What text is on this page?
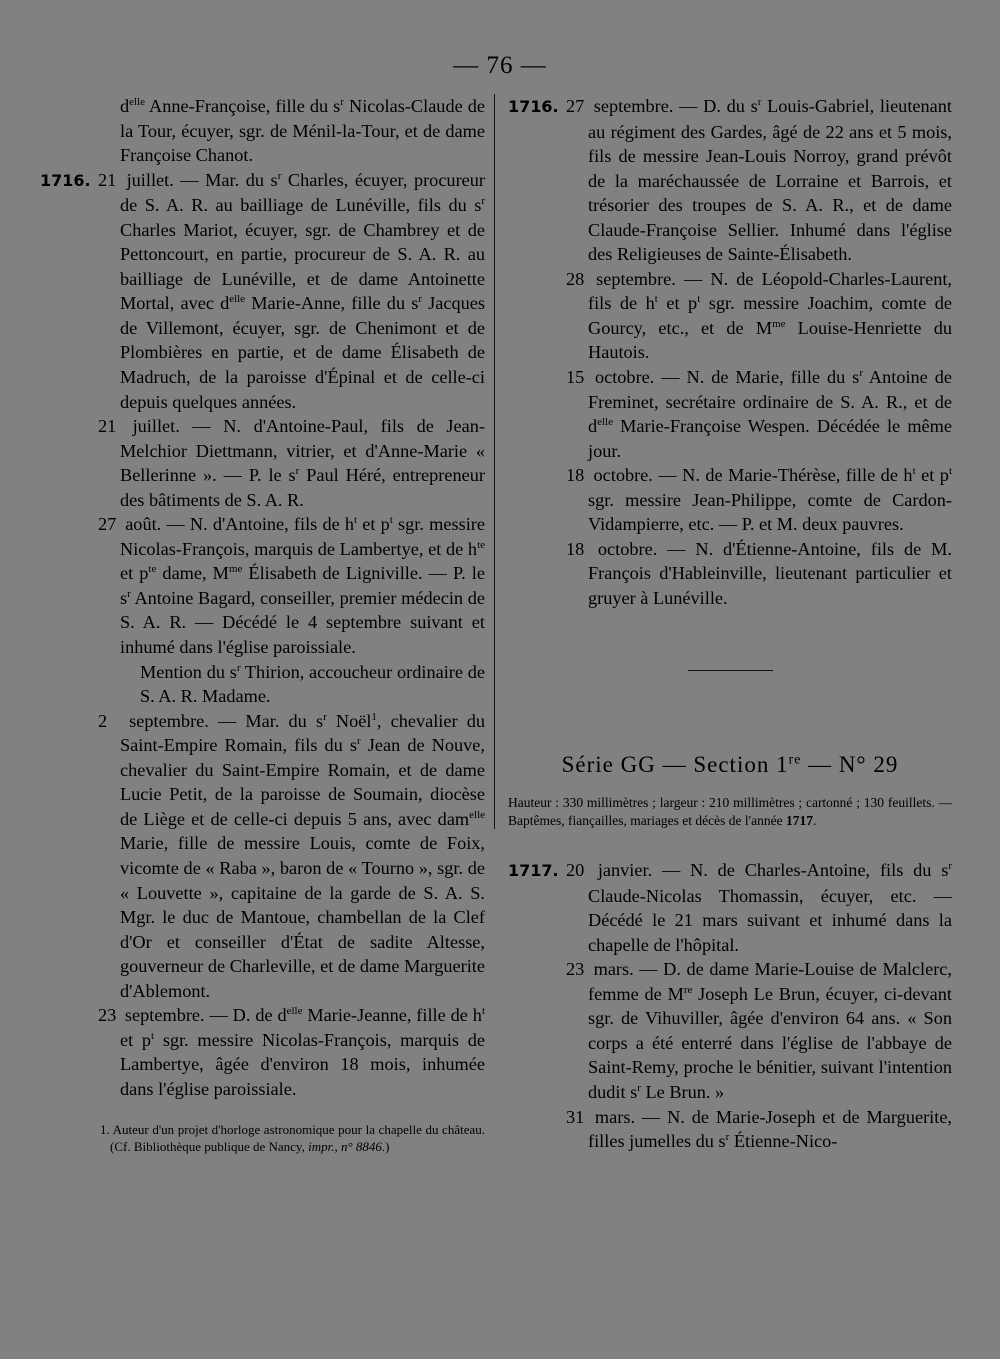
— 76 —
$d^{elle}$ Anne-Françoise, fille du $s^r$ Nicolas-Claude de la Tour, écuyer, sgr. de Ménil-la-Tour, et de dame Françoise Chanot.
1716. 21 juillet. — Mar. du $s^r$ Charles, écuyer, procureur de S. A. R. au bailliage de Lunéville, fils du $s^r$ Charles Mariot, écuyer, sgr. de Chambrey et de Pettoncourt, en partie, procureur de S. A. R. au bailliage de Lunéville, et de dame Antoinette Mortal, avec $d^{elle}$ Marie-Anne, fille du $s^r$ Jacques de Villemont, écuyer, sgr. de Chenimont et de Plombières en partie, et de dame Élisabeth de Madruch, de la paroisse d'Épinal et de celle-ci depuis quelques années.
21 juillet. — N. d'Antoine-Paul, fils de Jean-Melchior Diettmann, vitrier, et d'Anne-Marie « Bellerinne ». — P. le $s^r$ Paul Héré, entrepreneur des bâtiments de S. A. R.
27 août. — N. d'Antoine, fils de $h^t$ et $p^t$ sgr. messire Nicolas-François, marquis de Lambertye, et de $h^{te}$ et $p^{te}$ dame, $M^{me}$ Élisabeth de Ligniville. — P. le $s^r$ Antoine Bagard, conseiller, premier médecin de S. A. R. — Décédé le 4 septembre suivant et inhumé dans l'église paroissiale.
Mention du $s^r$ Thirion, accoucheur ordinaire de S. A. R. Madame.
2 septembre. — Mar. du $s^r$ Noël$^1$, chevalier du Saint-Empire Romain, fils du $s^r$ Jean de Nouve, chevalier du Saint-Empire Romain, et de dame Lucie Petit, de la paroisse de Soumain, diocèse de Liège et de celle-ci depuis 5 ans, avec dam$^{elle}$ Marie, fille de messire Louis, comte de Foix, vicomte de « Raba », baron de « Tourno », sgr. de « Louvette », capitaine de la garde de S. A. S. Mgr. le duc de Mantoue, chambellan de la Clef d'Or et conseiller d'État de sadite Altesse, gouverneur de Charleville, et de dame Marguerite d'Ablemont.
23 septembre. — D. de $d^{elle}$ Marie-Jeanne, fille de $h^t$ et $p^t$ sgr. messire Nicolas-François, marquis de Lambertye, âgée d'environ 18 mois, inhumée dans l'église paroissiale.
1. Auteur d'un projet d'horloge astronomique pour la chapelle du château. (Cf. Bibliothèque publique de Nancy, impr., n° 8846.)
1716. 27 septembre. — D. du $s^r$ Louis-Gabriel, lieutenant au régiment des Gardes, âgé de 22 ans et 5 mois, fils de messire Jean-Louis Norroy, grand prévôt de la maréchaussée de Lorraine et Barrois, et trésorier des troupes de S. A. R., et de dame Claude-Françoise Sellier. Inhumé dans l'église des Religieuses de Sainte-Élisabeth.
28 septembre. — N. de Léopold-Charles-Laurent, fils de $h^t$ et $p^t$ sgr. messire Joachim, comte de Gourcy, etc., et de $M^{me}$ Louise-Henriette du Hautois.
15 octobre. — N. de Marie, fille du $s^r$ Antoine de Freminet, secrétaire ordinaire de S. A. R., et de $d^{elle}$ Marie-Françoise Wespen. Décédée le même jour.
18 octobre. — N. de Marie-Thérèse, fille de $h^t$ et $p^t$ sgr. messire Jean-Philippe, comte de Cardon-Vidampierre, etc. — P. et M. deux pauvres.
18 octobre. — N. d'Étienne-Antoine, fils de M. François d'Hableinville, lieutenant particulier et gruyer à Lunéville.
Série GG — Section 1re — N° 29
Hauteur : 330 millimètres ; largeur : 210 millimètres ; cartonné ; 130 feuillets. — Baptêmes, fiançailles, mariages et décès de l'année 1717.
1717. 20 janvier. — N. de Charles-Antoine, fils du $s^r$ Claude-Nicolas Thomassin, écuyer, etc. — Décédé le 21 mars suivant et inhumé dans la chapelle de l'hôpital.
23 mars. — D. de dame Marie-Louise de Malclerc, femme de Mre Joseph Le Brun, écuyer, ci-devant sgr. de Vihuviller, âgée d'environ 64 ans. « Son corps a été enterré dans l'église de l'abbaye de Saint-Remy, proche le bénitier, suivant l'intention dudit $s^r$ Le Brun. »
31 mars. — N. de Marie-Joseph et de Marguerite, filles jumelles du $s^r$ Étienne-Nico-
